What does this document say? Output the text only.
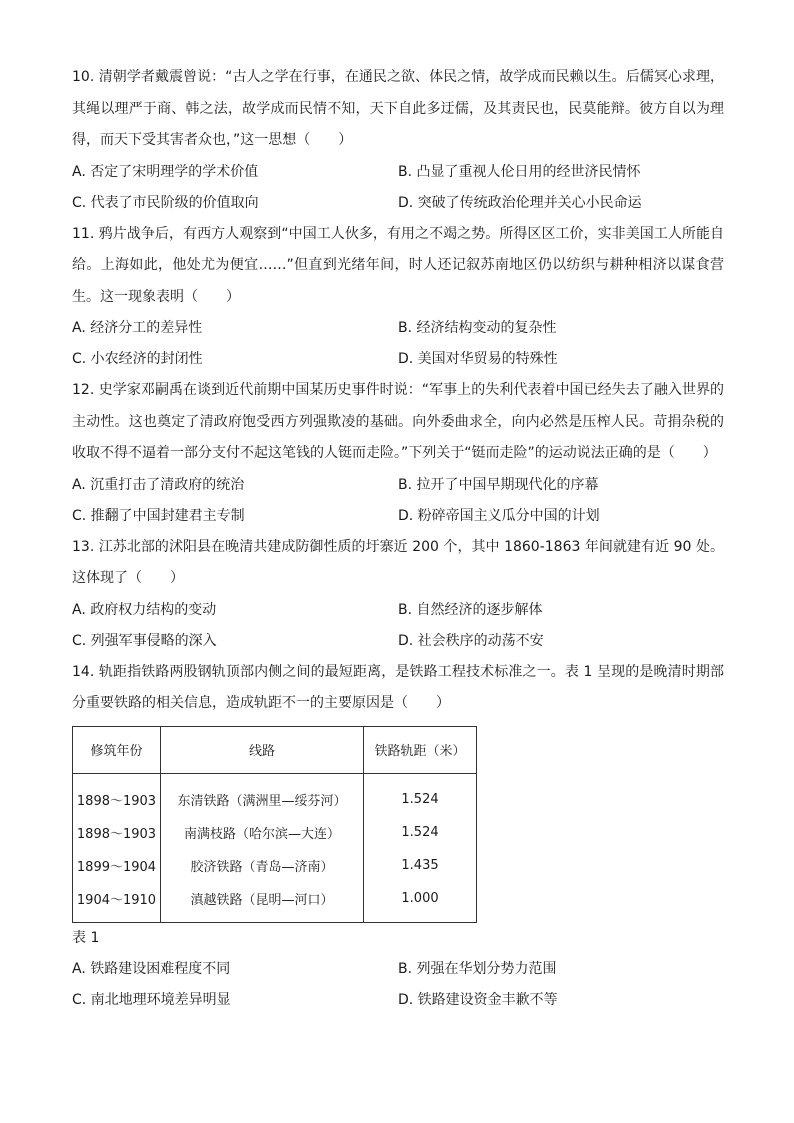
10. 清朝学者戴震曾说：“古人之学在行事，在通民之欲、体民之情，故学成而民赖以生。后儒冥心求理，其绳以理严于商、韩之法，故学成而民情不知，天下自此多迂儒，及其责民也，民莫能辩。彼方自以为理得，而天下受其害者众也，”这一思想（　　）

A. 否定了宋明理学的学术价值	B. 凸显了重视人伦日用的经世济民情怀
C. 代表了市民阶级的价值取向	D. 突破了传统政治伦理并关心小民命运

11. 鸦片战争后，有西方人观察到“中国工人伙多，有用之不竭之势。所得区区工价，实非美国工人所能自给。上海如此，他处尤为便宜……”但直到光绪年间，时人还记叙苏南地区仍以纺织与耕种相济以谋食营生。这一现象表明（　　）

A. 经济分工的差异性	B. 经济结构变动的复杂性
C. 小农经济的封闭性	D. 美国对华贸易的特殊性

12. 史学家邓嗣禹在谈到近代前期中国某历史事件时说：“军事上的失利代表着中国已经失去了融入世界的主动性。这也奠定了清政府饱受西方列强欺凌的基础。向外委曲求全，向内必然是压榨人民。苛捐杂税的收取不得不逼着一部分支付不起这笔钱的人铤而走险。”下列关于“铤而走险”的运动说法正确的是（　　）

A. 沉重打击了清政府的统治	B. 拉开了中国早期现代化的序幕
C. 推翻了中国封建君主专制	D. 粉碎帝国主义瓜分中国的计划

13. 江苏北部的沭阳县在晚清共建成防御性质的圩寨近 200 个，其中 1860-1863 年间就建有近 90 处。这体现了（　　）

A. 政府权力结构的变动	B. 自然经济的逐步解体
C. 列强军事侵略的深入	D. 社会秩序的动荡不安

14. 轨距指铁路两股钢轨顶部内侧之间的最短距离，是铁路工程技术标准之一。表 1 呈现的是晚清时期部分重要铁路的相关信息，造成轨距不一的主要原因是（　　）

修筑年份	线路	铁路轨距（米）
1898～1903	东清铁路（满洲里—绥芬河）	1.524
1898～1903	南满枝路（哈尔滨—大连）	1.524
1899～1904	胶济铁路（青岛—济南）	1.435
1904～1910	滇越铁路（昆明—河口）	1.000
表 1
A. 铁路建设困难程度不同	B. 列强在华划分势力范围
C. 南北地理环境差异明显	D. 铁路建设资金丰歉不等
